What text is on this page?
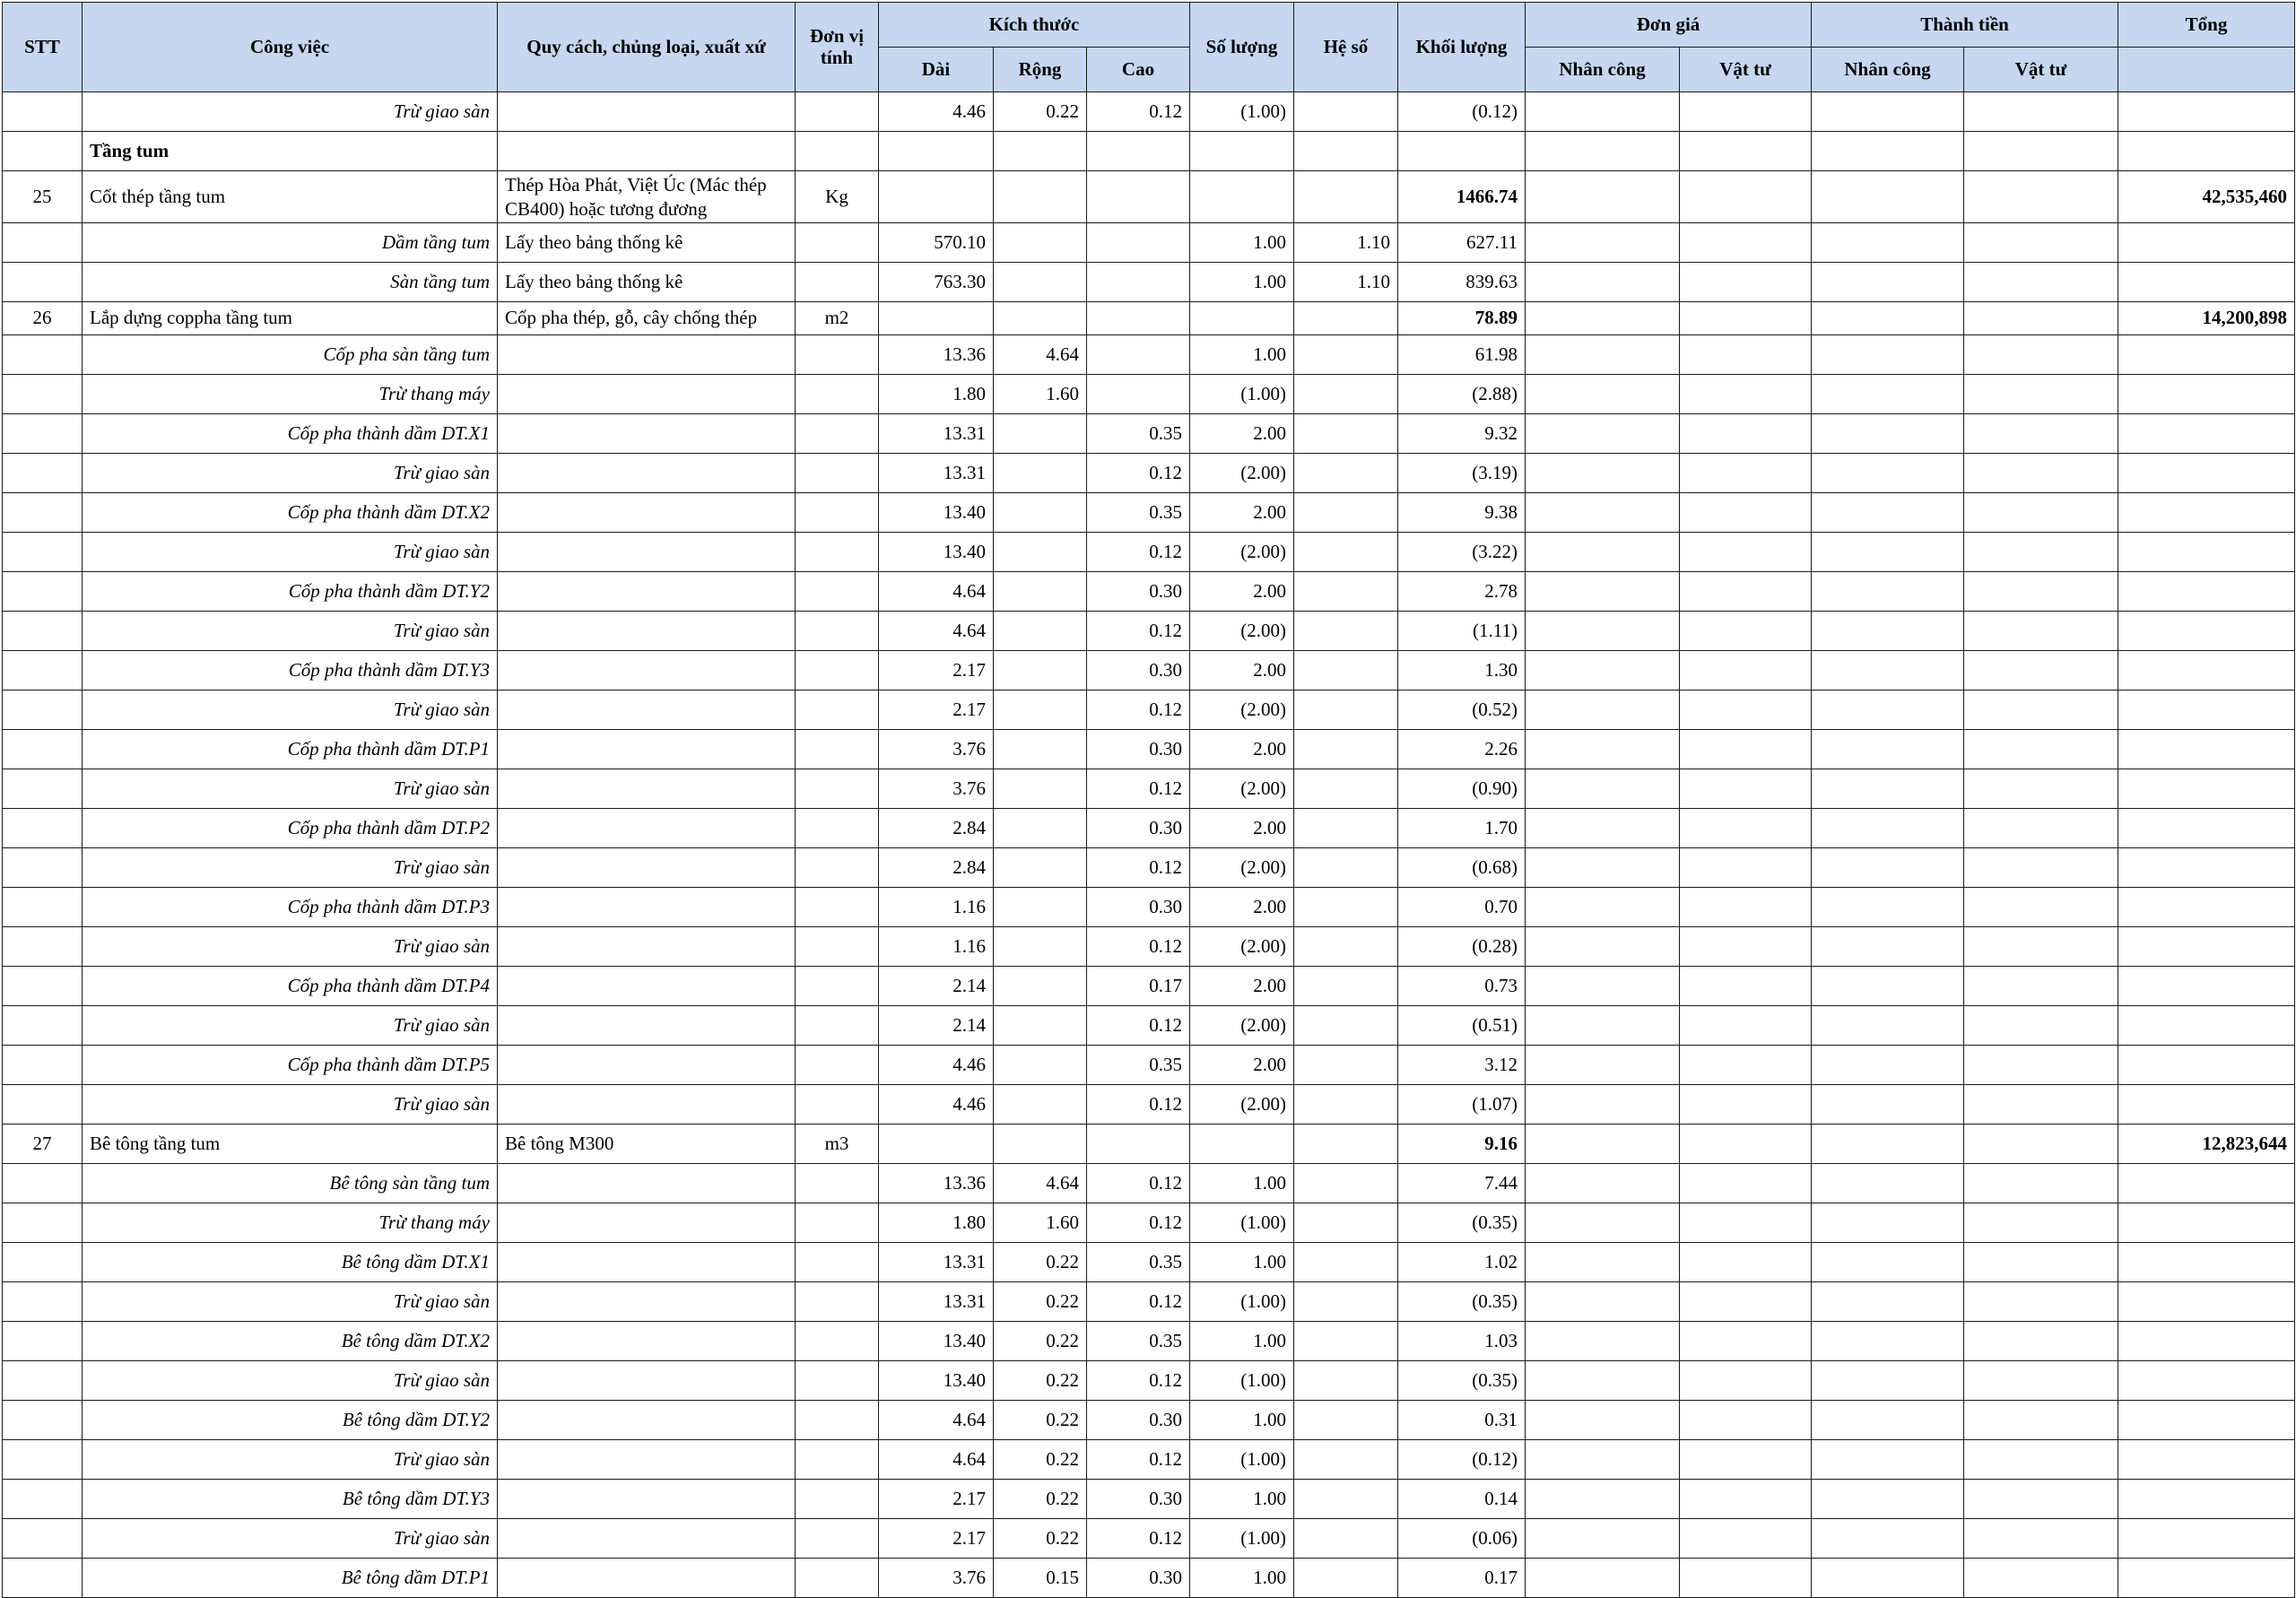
STT	Công việc	Quy cách, chủng loại, xuất xứ	Đơn vị tính	Kích thước			Số lượng	Hệ số	Khối lượng	Đơn giá		Thành tiền		Tổng
				Dài	Rộng	Cao				Nhân công	Vật tư	Nhân công	Vật tư	
	Trừ giao sàn			4.46	0.22	0.12	(1.00)		(0.12)					
	Tầng tum													
25	Cốt thép tầng tum	Thép Hòa Phát, Việt Úc (Mác thép CB400) hoặc tương đương	Kg						1466.74					42,535,460
	Dầm tầng tum	Lấy theo bảng thống kê		570.10			1.00	1.10	627.11					
	Sàn tầng tum	Lấy theo bảng thống kê		763.30			1.00	1.10	839.63					
26	Lắp dựng coppha tầng tum	Cốp pha thép, gỗ, cây chống thép	m2						78.89					14,200,898
	Cốp pha sàn tầng tum			13.36	4.64		1.00		61.98					
	Trừ thang máy			1.80	1.60		(1.00)		(2.88)					
	Cốp pha thành dầm DT.X1			13.31		0.35	2.00		9.32					
	Trừ giao sàn			13.31		0.12	(2.00)		(3.19)					
	Cốp pha thành dầm DT.X2			13.40		0.35	2.00		9.38					
	Trừ giao sàn			13.40		0.12	(2.00)		(3.22)					
	Cốp pha thành dầm DT.Y2			4.64		0.30	2.00		2.78					
	Trừ giao sàn			4.64		0.12	(2.00)		(1.11)					
	Cốp pha thành dầm DT.Y3			2.17		0.30	2.00		1.30					
	Trừ giao sàn			2.17		0.12	(2.00)		(0.52)					
	Cốp pha thành dầm DT.P1			3.76		0.30	2.00		2.26					
	Trừ giao sàn			3.76		0.12	(2.00)		(0.90)					
	Cốp pha thành dầm DT.P2			2.84		0.30	2.00		1.70					
	Trừ giao sàn			2.84		0.12	(2.00)		(0.68)					
	Cốp pha thành dầm DT.P3			1.16		0.30	2.00		0.70					
	Trừ giao sàn			1.16		0.12	(2.00)		(0.28)					
	Cốp pha thành dầm DT.P4			2.14		0.17	2.00		0.73					
	Trừ giao sàn			2.14		0.12	(2.00)		(0.51)					
	Cốp pha thành dầm DT.P5			4.46		0.35	2.00		3.12					
	Trừ giao sàn			4.46		0.12	(2.00)		(1.07)					
27	Bê tông tầng tum	Bê tông M300	m3						9.16					12,823,644
	Bê tông sàn tầng tum			13.36	4.64	0.12	1.00		7.44					
	Trừ thang máy			1.80	1.60	0.12	(1.00)		(0.35)					
	Bê tông dầm DT.X1			13.31	0.22	0.35	1.00		1.02					
	Trừ giao sàn			13.31	0.22	0.12	(1.00)		(0.35)					
	Bê tông dầm DT.X2			13.40	0.22	0.35	1.00		1.03					
	Trừ giao sàn			13.40	0.22	0.12	(1.00)		(0.35)					
	Bê tông dầm DT.Y2			4.64	0.22	0.30	1.00		0.31					
	Trừ giao sàn			4.64	0.22	0.12	(1.00)		(0.12)					
	Bê tông dầm DT.Y3			2.17	0.22	0.30	1.00		0.14					
	Trừ giao sàn			2.17	0.22	0.12	(1.00)		(0.06)					
	Bê tông dầm DT.P1			3.76	0.15	0.30	1.00		0.17					
